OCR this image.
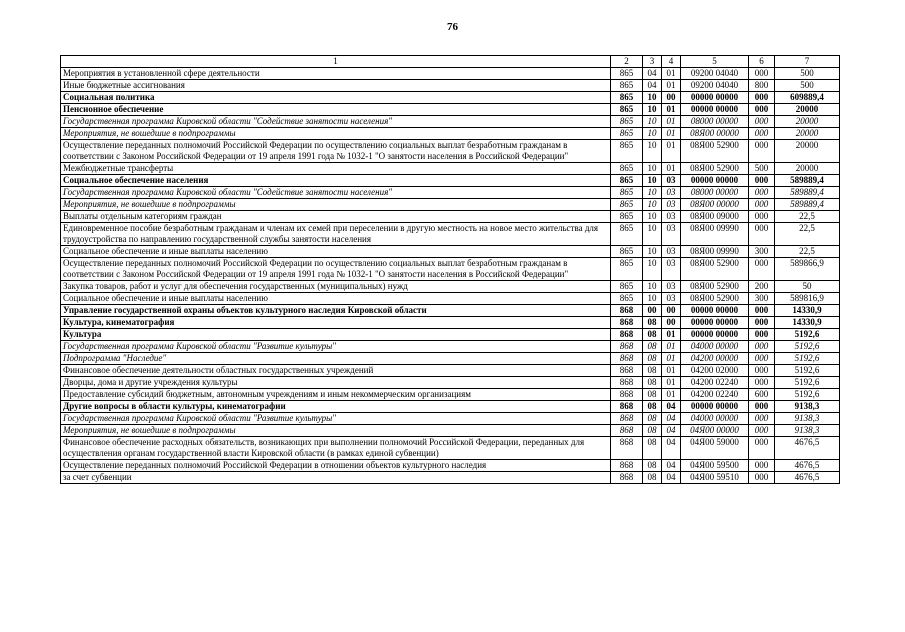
76
1	2	3	4	5	6	7
Мероприятия в установленной сфере деятельности	865	04	01	09200 04040	000	500
Иные бюджетные ассигнования	865	04	01	09200 04040	800	500
Социальная политика	865	10	00	00000 00000	000	609889,4
Пенсионное обеспечение	865	10	01	00000 00000	000	20000
Государственная программа Кировской области "Содействие занятости населения"	865	10	01	08000 00000	000	20000
Мероприятия, не вошедшие в подпрограммы	865	10	01	08Я00 00000	000	20000
Осуществление переданных полномочий Российской Федерации по осуществлению социальных выплат безработным гражданам в соответствии с Законом Российской Федерации от 19 апреля 1991 года № 1032-1 "О занятости населения в Российской Федерации"	865	10	01	08Я00 52900	000	20000
Межбюджетные трансферты	865	10	01	08Я00 52900	500	20000
Социальное обеспечение населения	865	10	03	00000 00000	000	589889,4
Государственная программа Кировской области "Содействие занятости населения"	865	10	03	08000 00000	000	589889,4
Мероприятия, не вошедшие в подпрограммы	865	10	03	08Я00 00000	000	589889,4
Выплаты отдельным категориям граждан	865	10	03	08Я00 09000	000	22,5
Единовременное пособие безработным гражданам и членам их семей при переселении в другую местность на новое место жительства для трудоустройства по направлению государственной службы занятости населения	865	10	03	08Я00 09990	000	22,5
Социальное обеспечение и иные выплаты населению	865	10	03	08Я00 09990	300	22,5
Осуществление переданных полномочий Российской Федерации по осуществлению социальных выплат безработным гражданам в соответствии с Законом Российской Федерации от 19 апреля 1991 года № 1032-1 "О занятости населения в Российской Федерации"	865	10	03	08Я00 52900	000	589866,9
Закупка товаров, работ и услуг для обеспечения государственных (муниципальных) нужд	865	10	03	08Я00 52900	200	50
Социальное обеспечение и иные выплаты населению	865	10	03	08Я00 52900	300	589816,9
Управление государственной охраны объектов культурного наследия Кировской области	868	00	00	00000 00000	000	14330,9
Культура, кинематография	868	08	00	00000 00000	000	14330,9
Культура	868	08	01	00000 00000	000	5192,6
Государственная программа Кировской области "Развитие культуры"	868	08	01	04000 00000	000	5192,6
Подпрограмма "Наследие"	868	08	01	04200 00000	000	5192,6
Финансовое обеспечение деятельности областных государственных учреждений	868	08	01	04200 02000	000	5192,6
Дворцы, дома и другие учреждения культуры	868	08	01	04200 02240	000	5192,6
Предоставление субсидий бюджетным, автономным учреждениям и иным некоммерческим организациям	868	08	01	04200 02240	600	5192,6
Другие вопросы в области культуры, кинематографии	868	08	04	00000 00000	000	9138,3
Государственная программа Кировской области "Развитие культуры"	868	08	04	04000 00000	000	9138,3
Мероприятия, не вошедшие в подпрограммы	868	08	04	04Я00 00000	000	9138,3
Финансовое обеспечение расходных обязательств, возникающих при выполнении полномочий Российской Федерации, переданных для осуществления органам государственной власти Кировской области (в рамках единой субвенции)	868	08	04	04Я00 59000	000	4676,5
Осуществление переданных полномочий Российской Федерации в отношении объектов культурного наследия	868	08	04	04Я00 59500	000	4676,5
за счет субвенции	868	08	04	04Я00 59510	000	4676,5
